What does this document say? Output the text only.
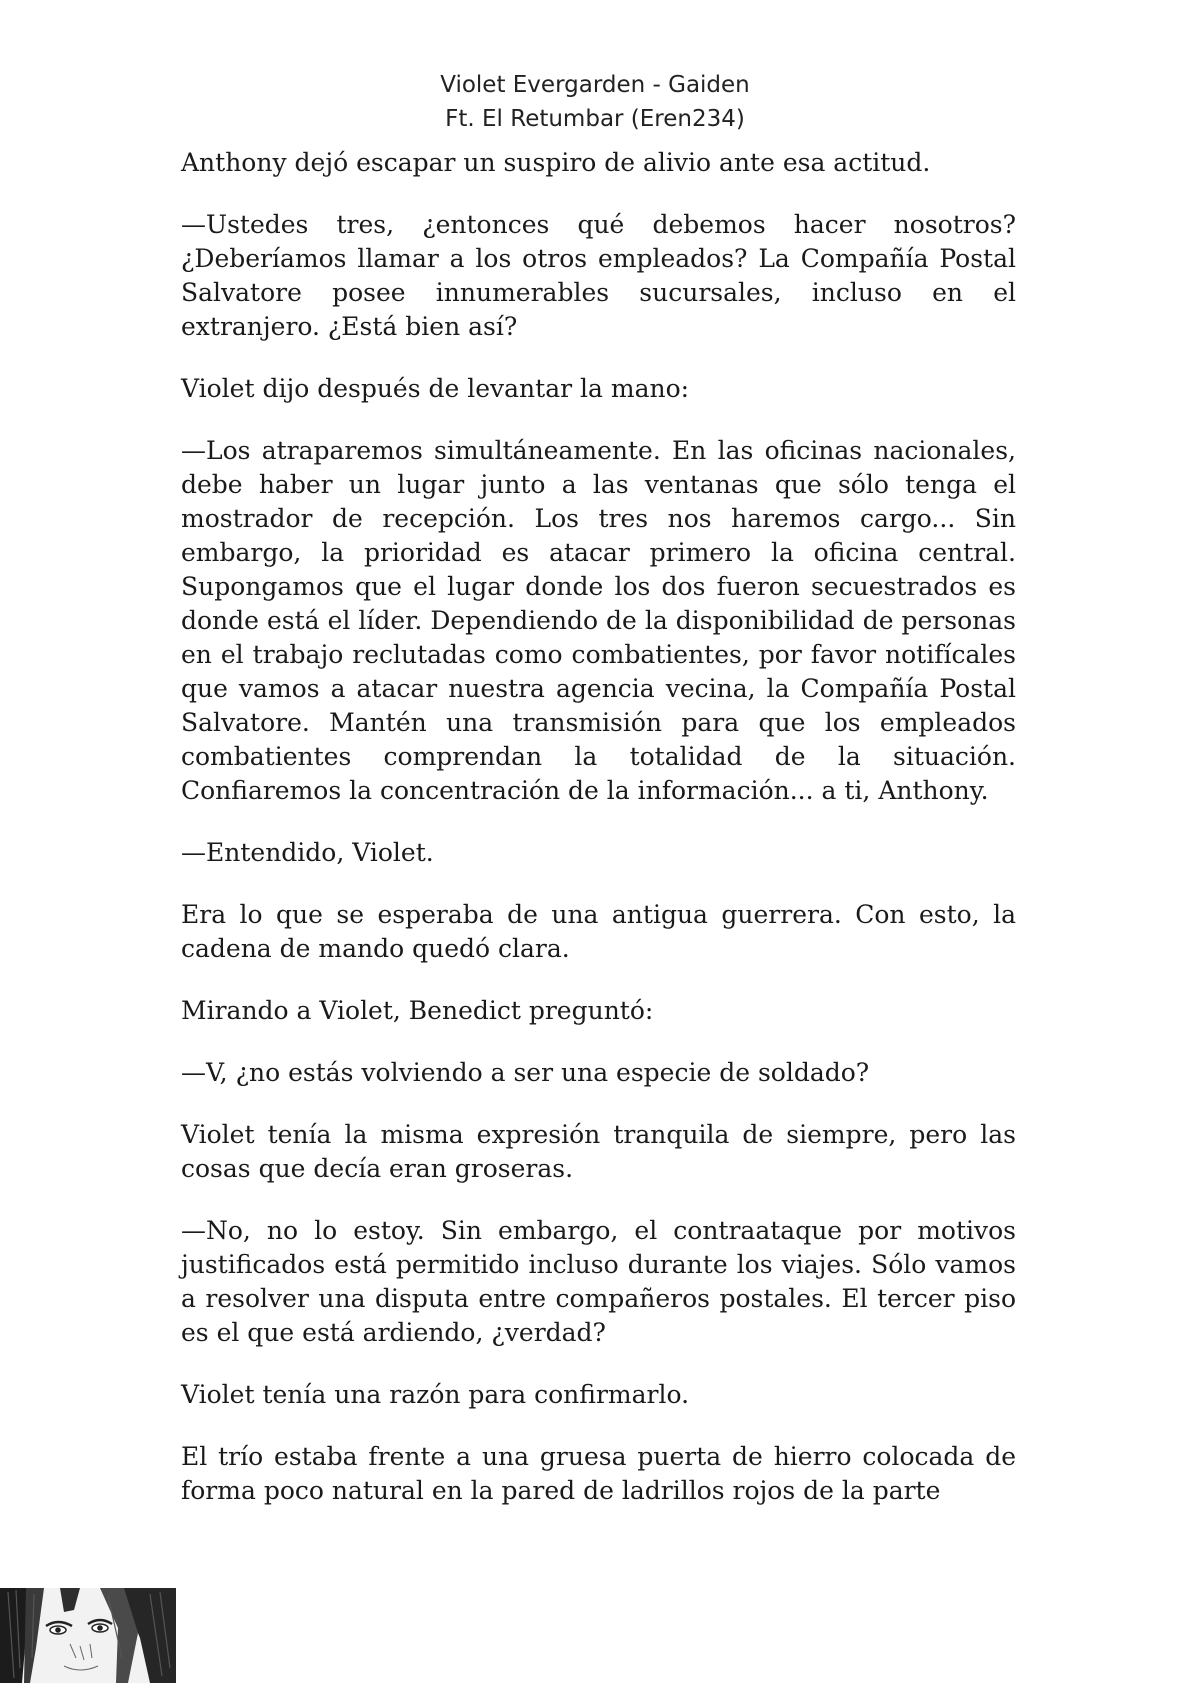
Violet Evergarden - Gaiden
Ft. El Retumbar (Eren234)

Anthony dejó escapar un suspiro de alivio ante esa actitud.

—Ustedes tres, ¿entonces qué debemos hacer nosotros? ¿Deberíamos llamar a los otros empleados? La Compañía Postal Salvatore posee innumerables sucursales, incluso en el extranjero. ¿Está bien así?

Violet dijo después de levantar la mano:

—Los atraparemos simultáneamente. En las oficinas nacionales, debe haber un lugar junto a las ventanas que sólo tenga el mostrador de recepción. Los tres nos haremos cargo... Sin embargo, la prioridad es atacar primero la oficina central. Supongamos que el lugar donde los dos fueron secuestrados es donde está el líder. Dependiendo de la disponibilidad de personas en el trabajo reclutadas como combatientes, por favor notifícales que vamos a atacar nuestra agencia vecina, la Compañía Postal Salvatore. Mantén una transmisión para que los empleados combatientes comprendan la totalidad de la situación. Confiaremos la concentración de la información... a ti, Anthony.

—Entendido, Violet.

Era lo que se esperaba de una antigua guerrera. Con esto, la cadena de mando quedó clara.

Mirando a Violet, Benedict preguntó:

—V, ¿no estás volviendo a ser una especie de soldado?

Violet tenía la misma expresión tranquila de siempre, pero las cosas que decía eran groseras.

—No, no lo estoy. Sin embargo, el contraataque por motivos justificados está permitido incluso durante los viajes. Sólo vamos a resolver una disputa entre compañeros postales. El tercer piso es el que está ardiendo, ¿verdad?

Violet tenía una razón para confirmarlo.

El trío estaba frente a una gruesa puerta de hierro colocada de forma poco natural en la pared de ladrillos rojos de la parte
